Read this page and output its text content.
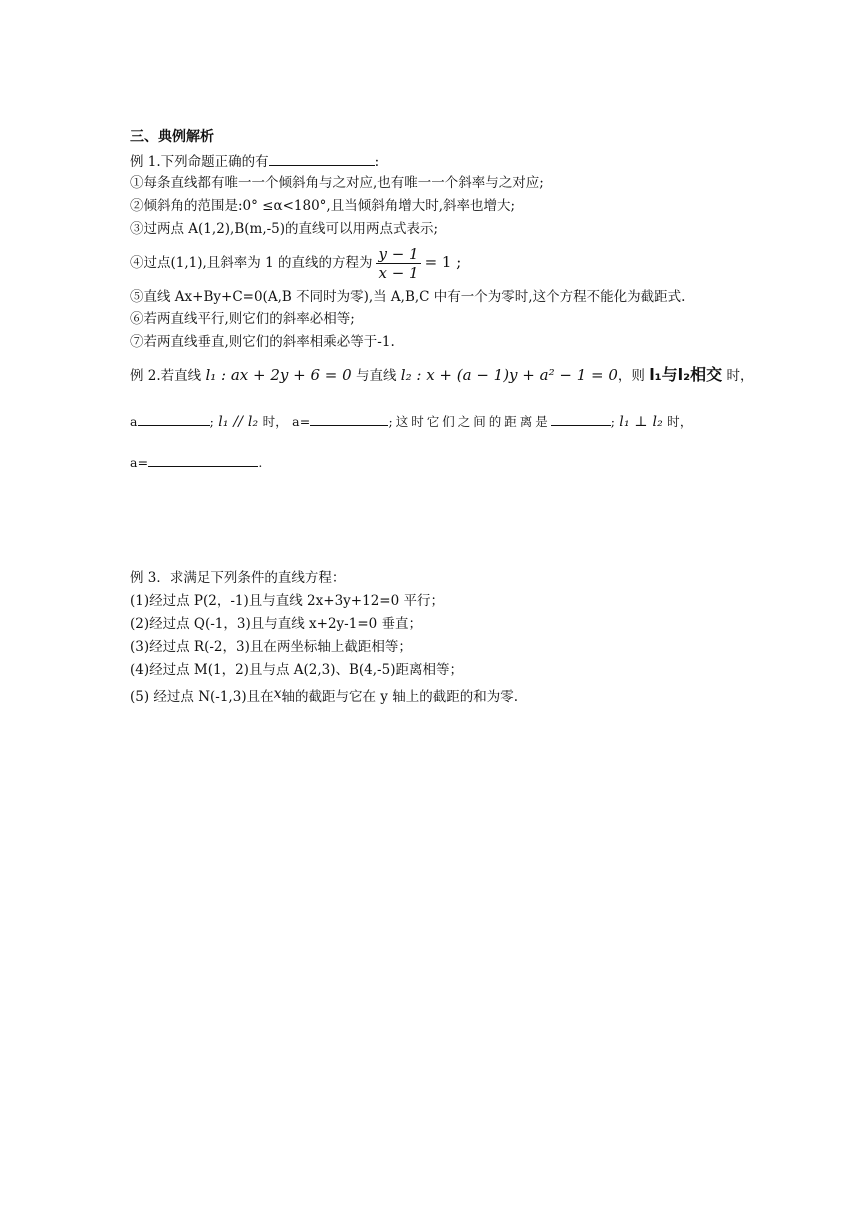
三、典例解析
例 1.下列命题正确的有	:
①每条直线都有唯一一个倾斜角与之对应,也有唯一一个斜率与之对应;
②倾斜角的范围是:0° ≤α<180°,且当倾斜角增大时,斜率也增大;
③过两点 A(1,2),B(m,-5)的直线可以用两点式表示;
④过点(1,1),且斜率为 1 的直线的方程为 $\frac{y - 1}{x - 1} = 1$ ;
⑤直线 Ax+By+C=0(A,B 不同时为零),当 A,B,C 中有一个为零时,这个方程不能化为截距式.
⑥若两直线平行,则它们的斜率必相等;
⑦若两直线垂直,则它们的斜率相乘必等于-1.
例 2.若直线 l₁ : ax + 2y + 6 = 0 与直线 l₂ : x + (a − 1)y + a² − 1 = 0，则 l₁与l₂相交 时，
a	; l₁ // l₂ 时， a=	;这时它们之间的距离是	; l₁ ⊥ l₂ 时，
a=	.
例 3．求满足下列条件的直线方程：
(1)经过点 P(2，-1)且与直线 2x+3y+12=0 平行；
(2)经过点 Q(-1，3)且与直线 x+2y-1=0 垂直；
(3)经过点 R(-2，3)且在两坐标轴上截距相等；
(4)经过点 M(1，2)且与点 A(2,3)、B(4,-5)距离相等；
(5) 经过点 N(-1,3)且在x轴的截距与它在 y 轴上的截距的和为零.
